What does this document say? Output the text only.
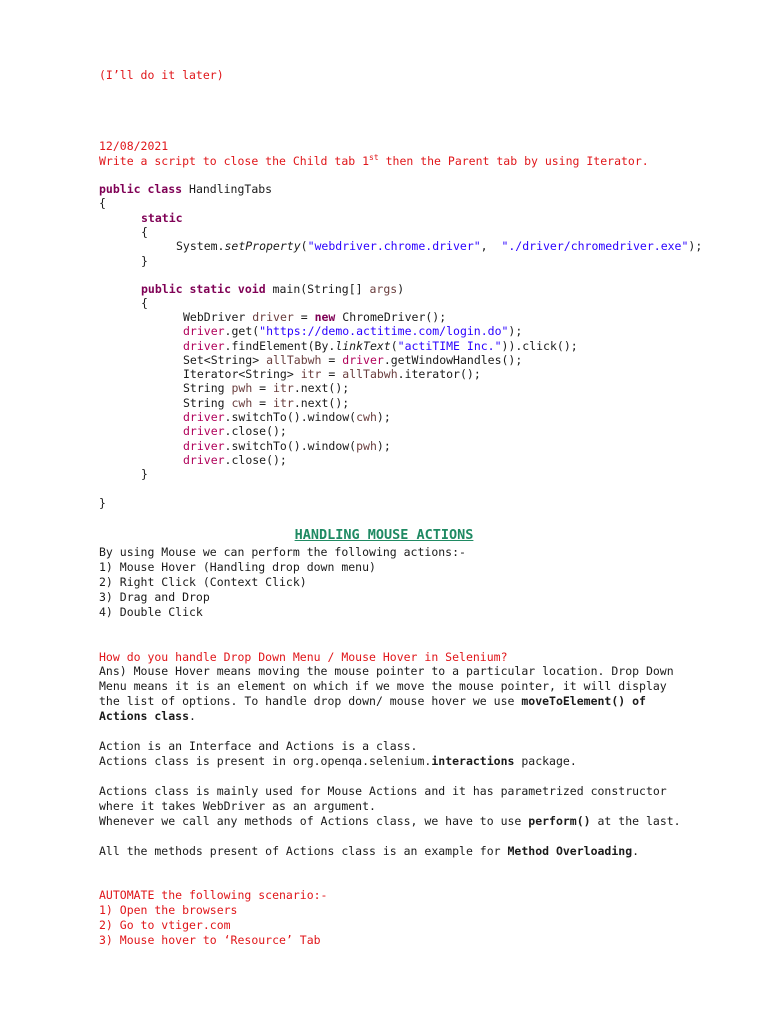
(I’ll do it later)
12/08/2021
Write a script to close the Child tab 1st then the Parent tab by using Iterator.
public class HandlingTabs
{
static
{
System.setProperty("webdriver.chrome.driver",  "./driver/chromedriver.exe");
}
public static void main(String[] args)
{
WebDriver driver = new ChromeDriver();
driver.get("https://demo.actitime.com/login.do");
driver.findElement(By.linkText("actiTIME Inc.")).click();
Set<String> allTabwh = driver.getWindowHandles();
Iterator<String> itr = allTabwh.iterator();
String pwh = itr.next();
String cwh = itr.next();
driver.switchTo().window(cwh);
driver.close();
driver.switchTo().window(pwh);
driver.close();
}
}
HANDLING MOUSE ACTIONS
By using Mouse we can perform the following actions:-
1) Mouse Hover (Handling drop down menu)
2) Right Click (Context Click)
3) Drag and Drop
4) Double Click
How do you handle Drop Down Menu / Mouse Hover in Selenium?
Ans) Mouse Hover means moving the mouse pointer to a particular location. Drop Down Menu means it is an element on which if we move the mouse pointer, it will display the list of options. To handle drop down/ mouse hover we use moveToElement() of Actions class.
Action is an Interface and Actions is a class.
Actions class is present in org.openqa.selenium.interactions package.
Actions class is mainly used for Mouse Actions and it has parametrized constructor where it takes WebDriver as an argument.
Whenever we call any methods of Actions class, we have to use perform() at the last.
All the methods present of Actions class is an example for Method Overloading.
AUTOMATE the following scenario:-
1) Open the browsers
2) Go to vtiger.com
3) Mouse hover to ‘Resource’ Tab
